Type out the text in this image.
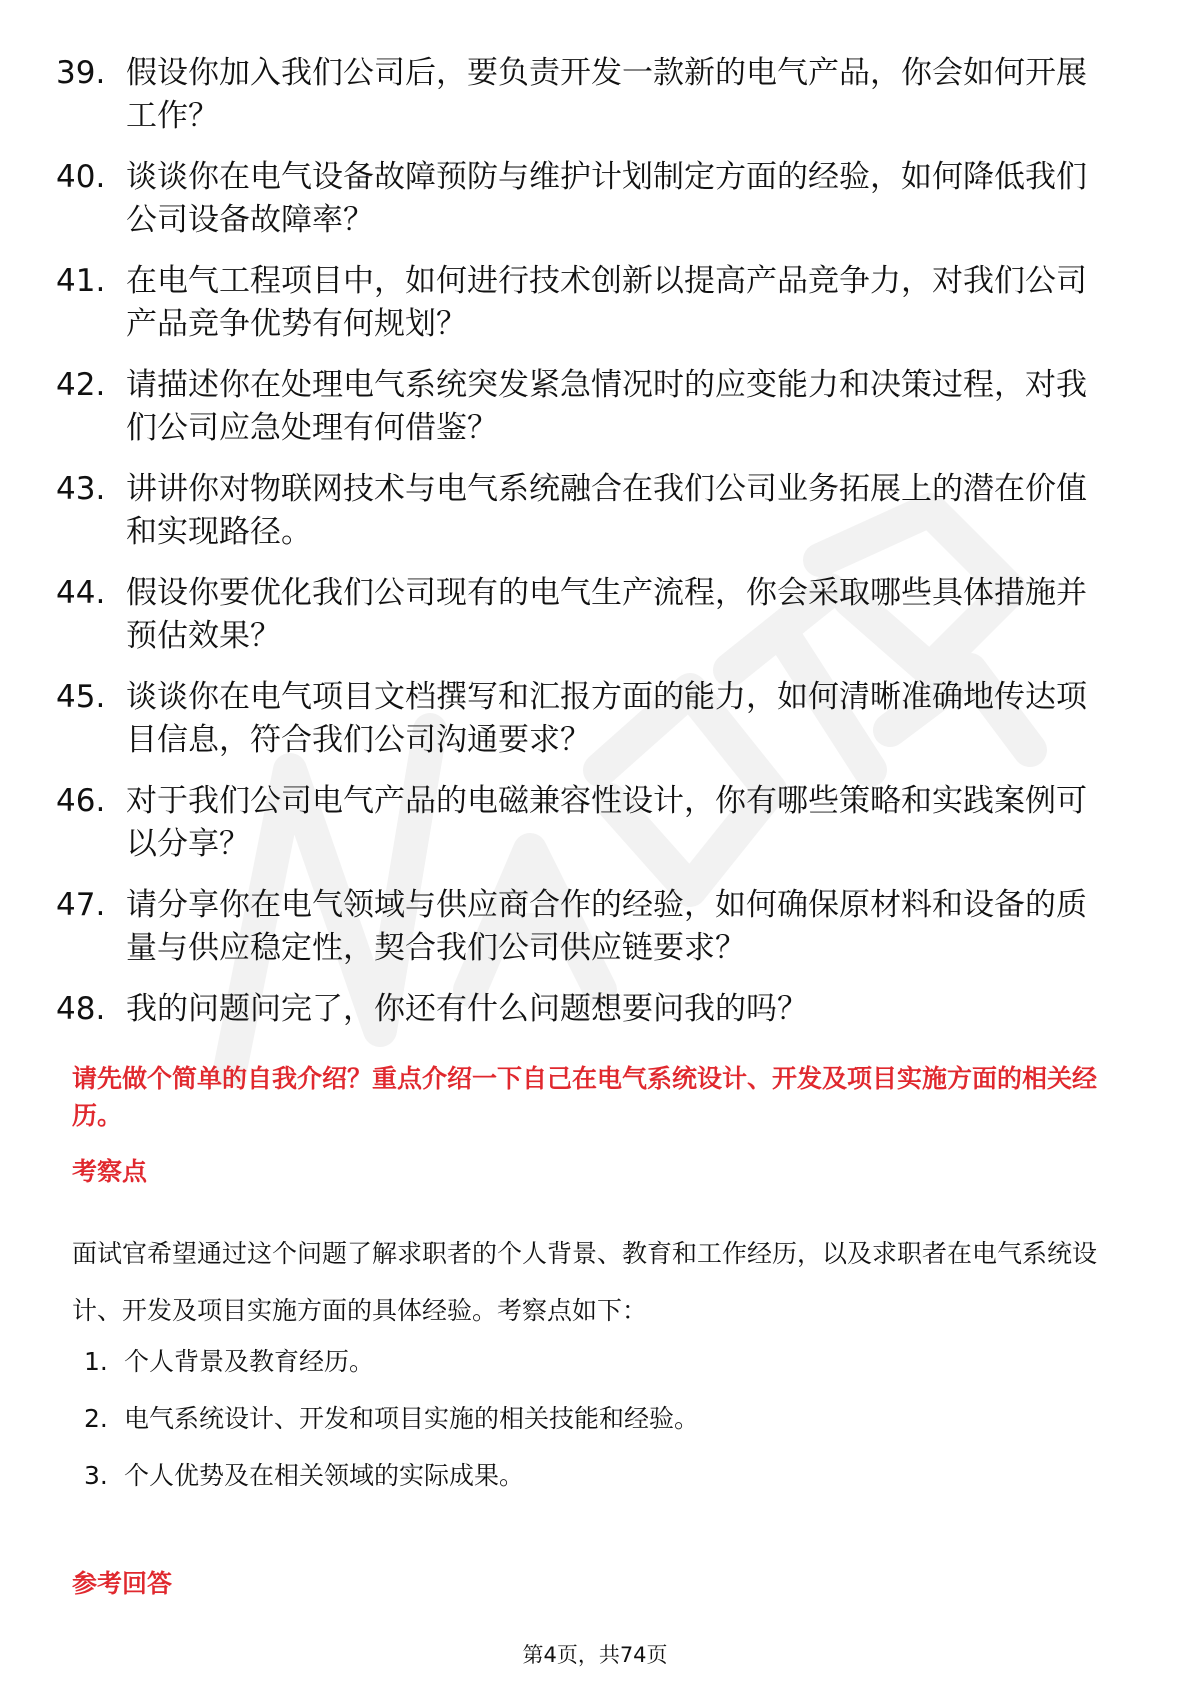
39. 假设你加入我们公司后，要负责开发一款新的电气产品，你会如何开展工作？
40. 谈谈你在电气设备故障预防与维护计划制定方面的经验，如何降低我们公司设备故障率？
41. 在电气工程项目中，如何进行技术创新以提高产品竞争力，对我们公司产品竞争优势有何规划？
42. 请描述你在处理电气系统突发紧急情况时的应变能力和决策过程，对我们公司应急处理有何借鉴？
43. 讲讲你对物联网技术与电气系统融合在我们公司业务拓展上的潜在价值和实现路径。
44. 假设你要优化我们公司现有的电气生产流程，你会采取哪些具体措施并预估效果？
45. 谈谈你在电气项目文档撰写和汇报方面的能力，如何清晰准确地传达项目信息，符合我们公司沟通要求？
46. 对于我们公司电气产品的电磁兼容性设计，你有哪些策略和实践案例可以分享？
47. 请分享你在电气领域与供应商合作的经验，如何确保原材料和设备的质量与供应稳定性，契合我们公司供应链要求？
48. 我的问题问完了，你还有什么问题想要问我的吗？

请先做个简单的自我介绍？重点介绍一下自己在电气系统设计、开发及项目实施方面的相关经历。

考察点

面试官希望通过这个问题了解求职者的个人背景、教育和工作经历，以及求职者在电气系统设计、开发及项目实施方面的具体经验。考察点如下：

1. 个人背景及教育经历。
2. 电气系统设计、开发和项目实施的相关技能和经验。
3. 个人优势及在相关领域的实际成果。

参考回答

第4页，共74页
